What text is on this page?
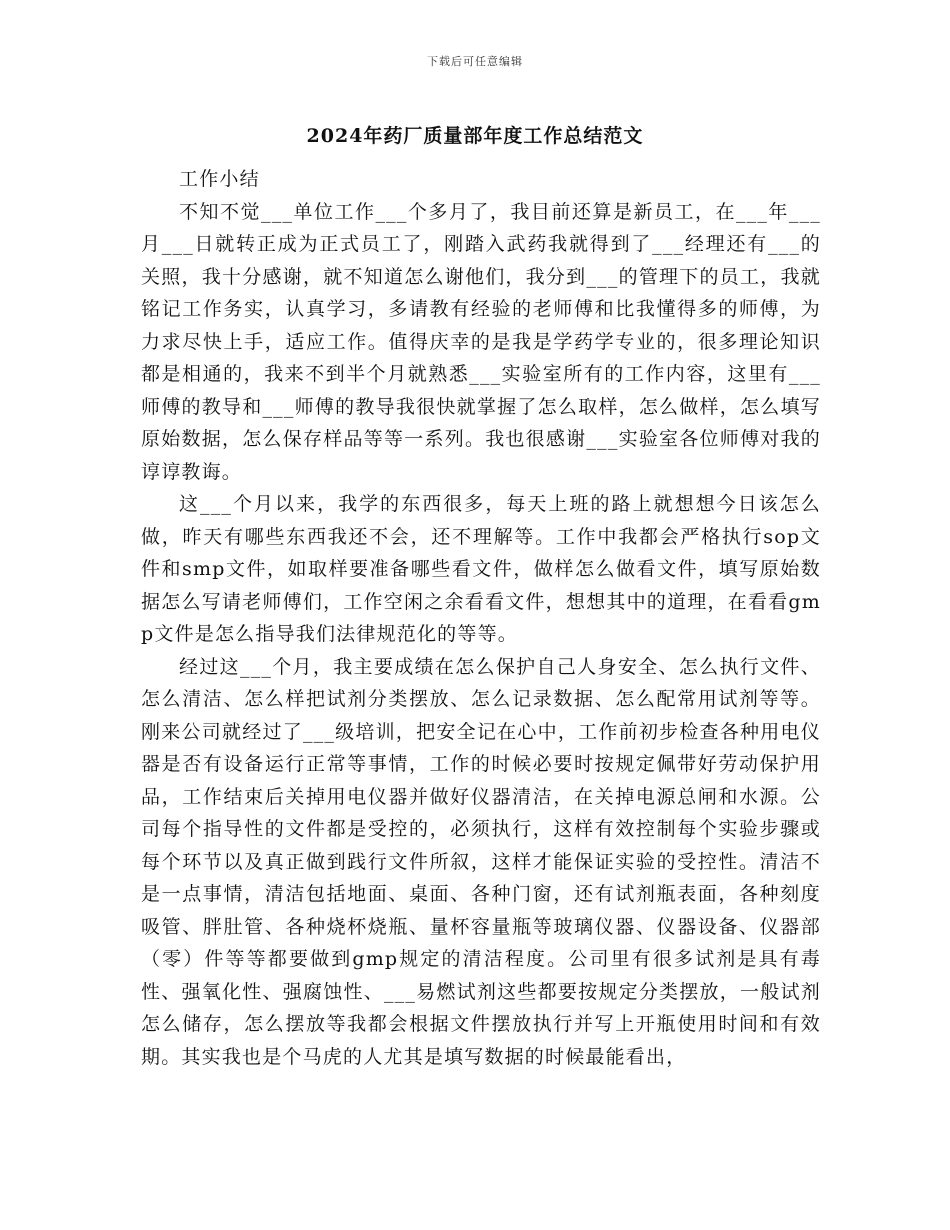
下载后可任意编辑
2024年药厂质量部年度工作总结范文

工作小结

不知不觉___单位工作___个多月了，我目前还算是新员工，在___年___月___日就转正成为正式员工了，刚踏入武药我就得到了___经理还有___的关照，我十分感谢，就不知道怎么谢他们，我分到___的管理下的员工，我就铭记工作务实，认真学习，多请教有经验的老师傅和比我懂得多的师傅，为力求尽快上手，适应工作。值得庆幸的是我是学药学专业的，很多理论知识都是相通的，我来不到半个月就熟悉___实验室所有的工作内容，这里有___师傅的教导和___师傅的教导我很快就掌握了怎么取样，怎么做样，怎么填写原始数据，怎么保存样品等等一系列。我也很感谢___实验室各位师傅对我的谆谆教诲。

这___个月以来，我学的东西很多，每天上班的路上就想想今日该怎么做，昨天有哪些东西我还不会，还不理解等。工作中我都会严格执行sop文件和smp文件，如取样要准备哪些看文件，做样怎么做看文件，填写原始数据怎么写请老师傅们，工作空闲之余看看文件，想想其中的道理，在看看gmp文件是怎么指导我们法律规范化的等等。

经过这___个月，我主要成绩在怎么保护自己人身安全、怎么执行文件、怎么清洁、怎么样把试剂分类摆放、怎么记录数据、怎么配常用试剂等等。刚来公司就经过了___级培训，把安全记在心中，工作前初步检查各种用电仪器是否有设备运行正常等事情，工作的时候必要时按规定佩带好劳动保护用品，工作结束后关掉用电仪器并做好仪器清洁，在关掉电源总闸和水源。公司每个指导性的文件都是受控的，必须执行，这样有效控制每个实验步骤或每个环节以及真正做到践行文件所叙，这样才能保证实验的受控性。清洁不是一点事情，清洁包括地面、桌面、各种门窗，还有试剂瓶表面，各种刻度吸管、胖肚管、各种烧杯烧瓶、量杯容量瓶等玻璃仪器、仪器设备、仪器部（零）件等等都要做到gmp规定的清洁程度。公司里有很多试剂是具有毒性、强氧化性、强腐蚀性、___易燃试剂这些都要按规定分类摆放，一般试剂怎么储存，怎么摆放等我都会根据文件摆放执行并写上开瓶使用时间和有效期。其实我也是个马虎的人尤其是填写数据的时候最能看出，
